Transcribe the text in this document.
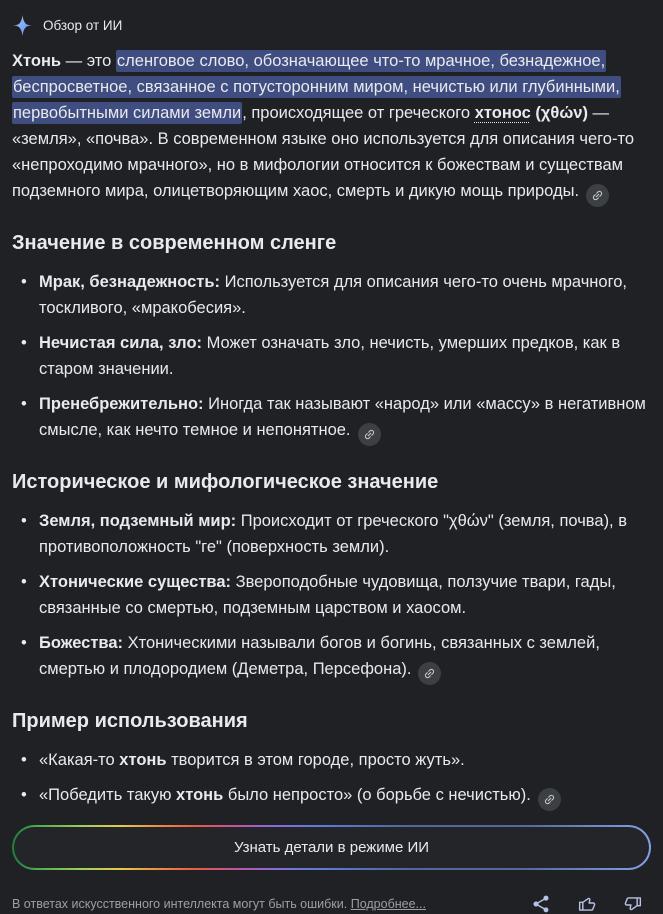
Обзор от ИИ

Хтонь — это сленговое слово, обозначающее что-то мрачное, безнадежное, беспросветное, связанное с потусторонним миром, нечистью или глубинными, первобытными силами земли, происходящее от греческого хтонос (χθών) — «земля», «почва». В современном языке оно используется для описания чего-то «непроходимо мрачного», но в мифологии относится к божествам и существам подземного мира, олицетворяющим хаос, смерть и дикую мощь природы.

Значение в современном сленге
• Мрак, безнадежность: Используется для описания чего-то очень мрачного, тоскливого, «мракобесия».
• Нечистая сила, зло: Может означать зло, нечисть, умерших предков, как в старом значении.
• Пренебрежительно: Иногда так называют «народ» или «массу» в негативном смысле, как нечто темное и непонятное.
Историческое и мифологическое значение
• Земля, подземный мир: Происходит от греческого "χθών" (земля, почва), в противоположность "ге" (поверхность земли).
• Хтонические существа: Звероподобные чудовища, ползучие твари, гады, связанные со смертью, подземным царством и хаосом.
• Божества: Хтоническими называли богов и богинь, связанных с землей, смертью и плодородием (Деметра, Персефона).
Пример использования
• «Какая-то хтонь творится в этом городе, просто жуть».
• «Победить такую хтонь было непросто» (о борьбе с нечистью).
Узнать детали в режиме ИИ
В ответах искусственного интеллекта могут быть ошибки. Подробнее...
